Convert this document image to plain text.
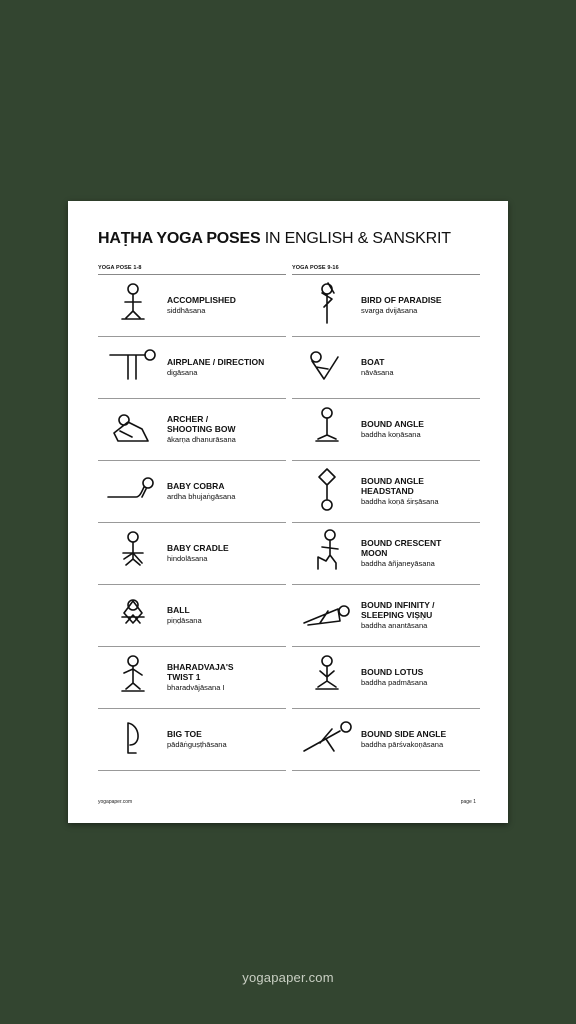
HAṬHA YOGA POSES IN ENGLISH & SANSKRIT
YOGA POSE 1-8
ACCOMPLISHED
siddhāsana
AIRPLANE / DIRECTION
digāsana
ARCHER /
SHOOTING BOW
ākarṇa dhanurāsana
BABY COBRA
ardha bhujaṅgāsana
BABY CRADLE
hindolāsana
BALL
piṇḍāsana
BHARADVAJA'S
TWIST 1
bharadvājāsana I
BIG TOE
pādāṅguṣṭhāsana
YOGA POSE 9-16
BIRD OF PARADISE
svarga dvijāsana
BOAT
nāvāsana
BOUND ANGLE
baddha koṇāsana
BOUND ANGLE
HEADSTAND
baddha koṇā śirṣāsana
BOUND CRESCENT
MOON
baddha āñjaneyāsana
BOUND INFINITY /
SLEEPING VIṢṆU
baddha anantāsana
BOUND LOTUS
baddha padmāsana
BOUND SIDE ANGLE
baddha pārśvakoṇāsana
yogapaper.com	page 1
yogapaper.com
